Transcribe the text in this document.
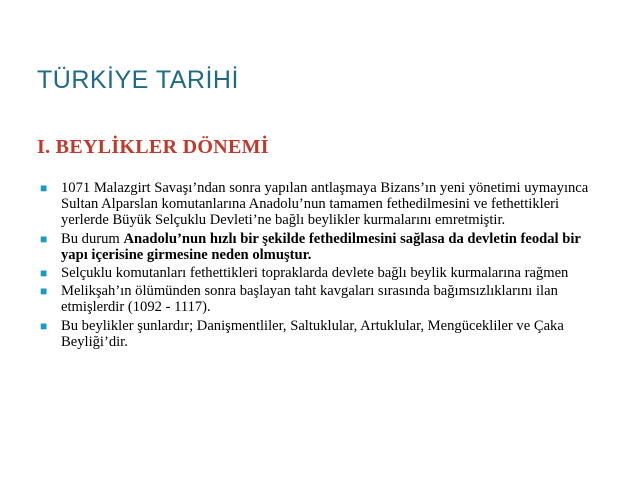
TÜRKİYE TARİHİ
I. BEYLİKLER DÖNEMİ
■ 1071 Malazgirt Savaşı’ndan sonra yapılan antlaşmaya Bizans’ın yeni yönetimi uymayınca Sultan Alparslan komutanlarına Anadolu’nun tamamen fethedilmesini ve fethettikleri yerlerde Büyük Selçuklu Devleti’ne bağlı beylikler kurmalarını emretmiştir.
■ Bu durum Anadolu’nun hızlı bir şekilde fethedilmesini sağlasa da devletin feodal bir yapı içerisine girmesine neden olmuştur.
■ Selçuklu komutanları fethettikleri topraklarda devlete bağlı beylik kurmalarına rağmen
■ Melikşah’ın ölümünden sonra başlayan taht kavgaları sırasında bağımsızlıklarını ilan etmişlerdir (1092 - 1117).
■ Bu beylikler şunlardır; Danişmentliler, Saltuklular, Artuklular, Mengücekliler ve Çaka Beyliği’dir.
